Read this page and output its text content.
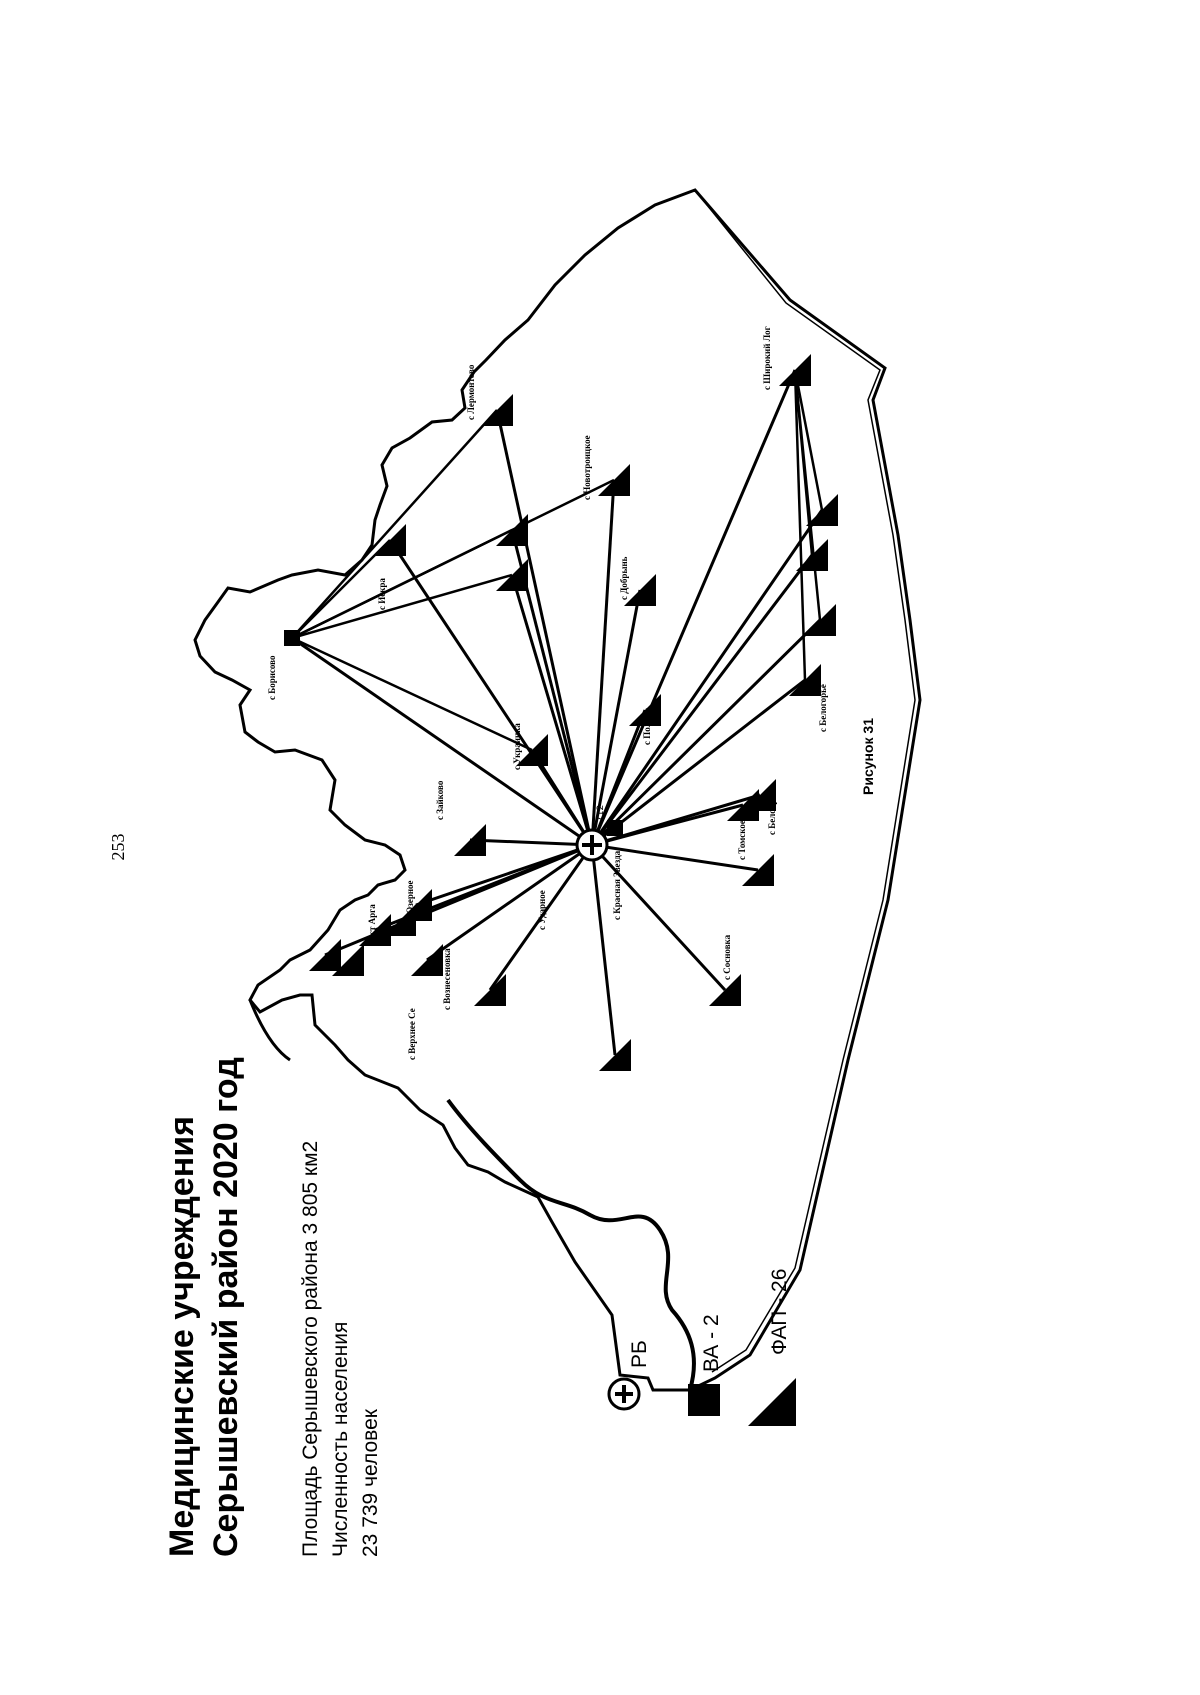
253
712
с Борисово
с Белогорье
с Широкий Лог
с Лермонтово
ст Арга	с Озерное
с Зайково
с Украинка	с Поляна
с Томское
с Белоярово
с Сосновка
с Верхнее Се
с Ударное
с Новотроицкое
с Добрынь
с Искра
с Вознесеновка
с Красная Звезда
Медицинские учреждения Серышевский район 2020 год	Площадь Серышевского района 3 805 км2 Численность населения 23 739 человек
РБ ВА - 2 ФАП - 26
Рисунок 31
